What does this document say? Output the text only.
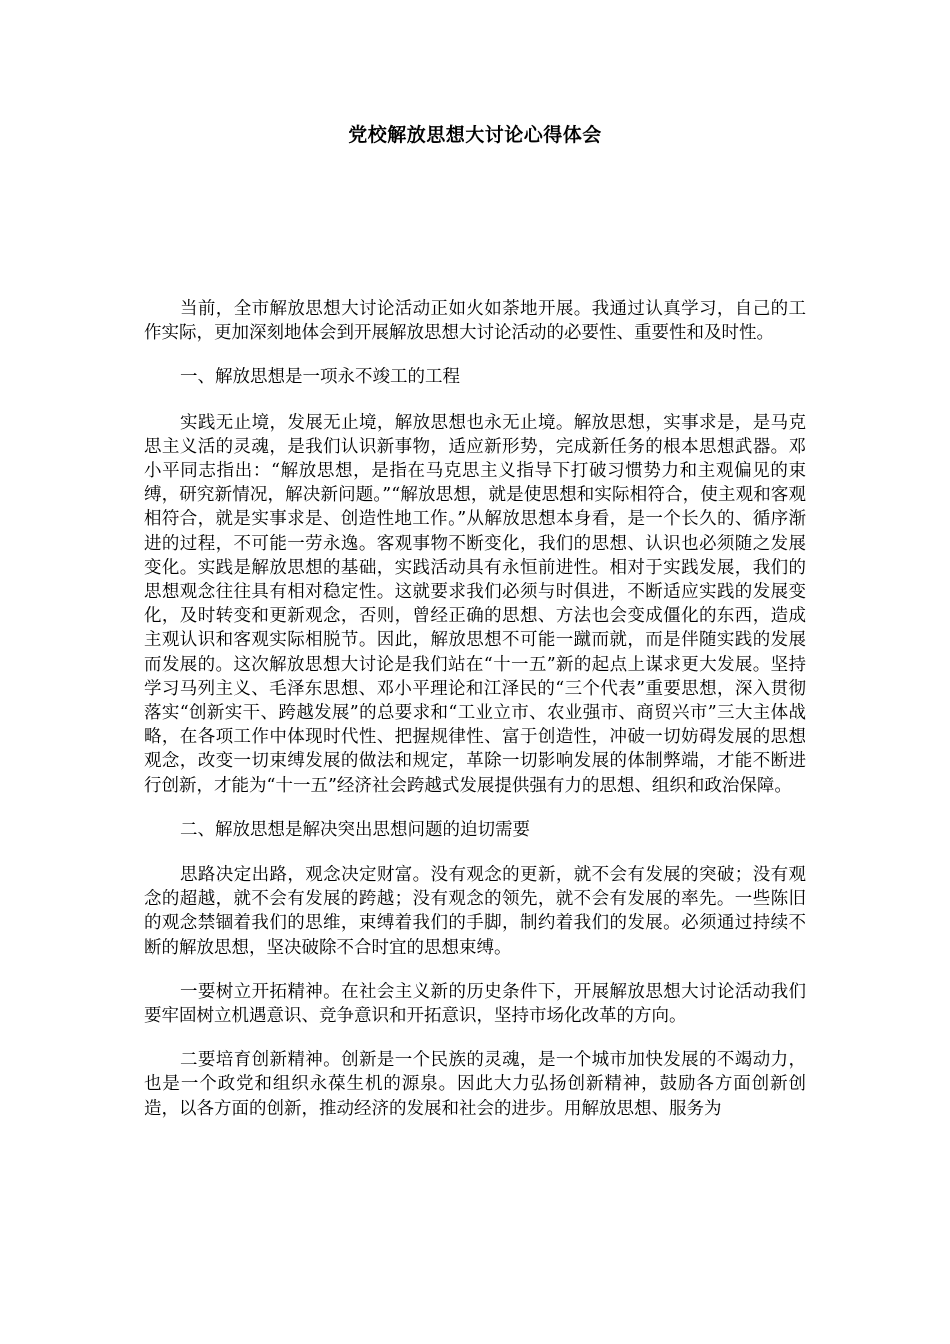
党校解放思想大讨论心得体会

当前，全市解放思想大讨论活动正如火如荼地开展。我通过认真学习，自己的工作实际，更加深刻地体会到开展解放思想大讨论活动的必要性、重要性和及时性。

一、解放思想是一项永不竣工的工程

实践无止境，发展无止境，解放思想也永无止境。解放思想，实事求是，是马克思主义活的灵魂，是我们认识新事物，适应新形势，完成新任务的根本思想武器。邓小平同志指出：“解放思想，是指在马克思主义指导下打破习惯势力和主观偏见的束缚，研究新情况，解决新问题。”“解放思想，就是使思想和实际相符合，使主观和客观相符合，就是实事求是、创造性地工作。”从解放思想本身看，是一个长久的、循序渐进的过程，不可能一劳永逸。客观事物不断变化，我们的思想、认识也必须随之发展变化。实践是解放思想的基础，实践活动具有永恒前进性。相对于实践发展，我们的思想观念往往具有相对稳定性。这就要求我们必须与时俱进，不断适应实践的发展变化，及时转变和更新观念，否则，曾经正确的思想、方法也会变成僵化的东西，造成主观认识和客观实际相脱节。因此，解放思想不可能一蹴而就，而是伴随实践的发展而发展的。这次解放思想大讨论是我们站在“十一五”新的起点上谋求更大发展。坚持学习马列主义、毛泽东思想、邓小平理论和江泽民的“三个代表”重要思想，深入贯彻落实“创新实干、跨越发展”的总要求和“工业立市、农业强市、商贸兴市”三大主体战略，在各项工作中体现时代性、把握规律性、富于创造性，冲破一切妨碍发展的思想观念，改变一切束缚发展的做法和规定，革除一切影响发展的体制弊端，才能不断进行创新，才能为“十一五”经济社会跨越式发展提供强有力的思想、组织和政治保障。

二、解放思想是解决突出思想问题的迫切需要

思路决定出路，观念决定财富。没有观念的更新，就不会有发展的突破；没有观念的超越，就不会有发展的跨越；没有观念的领先，就不会有发展的率先。一些陈旧的观念禁锢着我们的思维，束缚着我们的手脚，制约着我们的发展。必须通过持续不断的解放思想，坚决破除不合时宜的思想束缚。

一要树立开拓精神。在社会主义新的历史条件下，开展解放思想大讨论活动我们要牢固树立机遇意识、竞争意识和开拓意识，坚持市场化改革的方向。

二要培育创新精神。创新是一个民族的灵魂，是一个城市加快发展的不竭动力，也是一个政党和组织永葆生机的源泉。因此大力弘扬创新精神，鼓励各方面创新创造，以各方面的创新，推动经济的发展和社会的进步。用解放思想、服务为
